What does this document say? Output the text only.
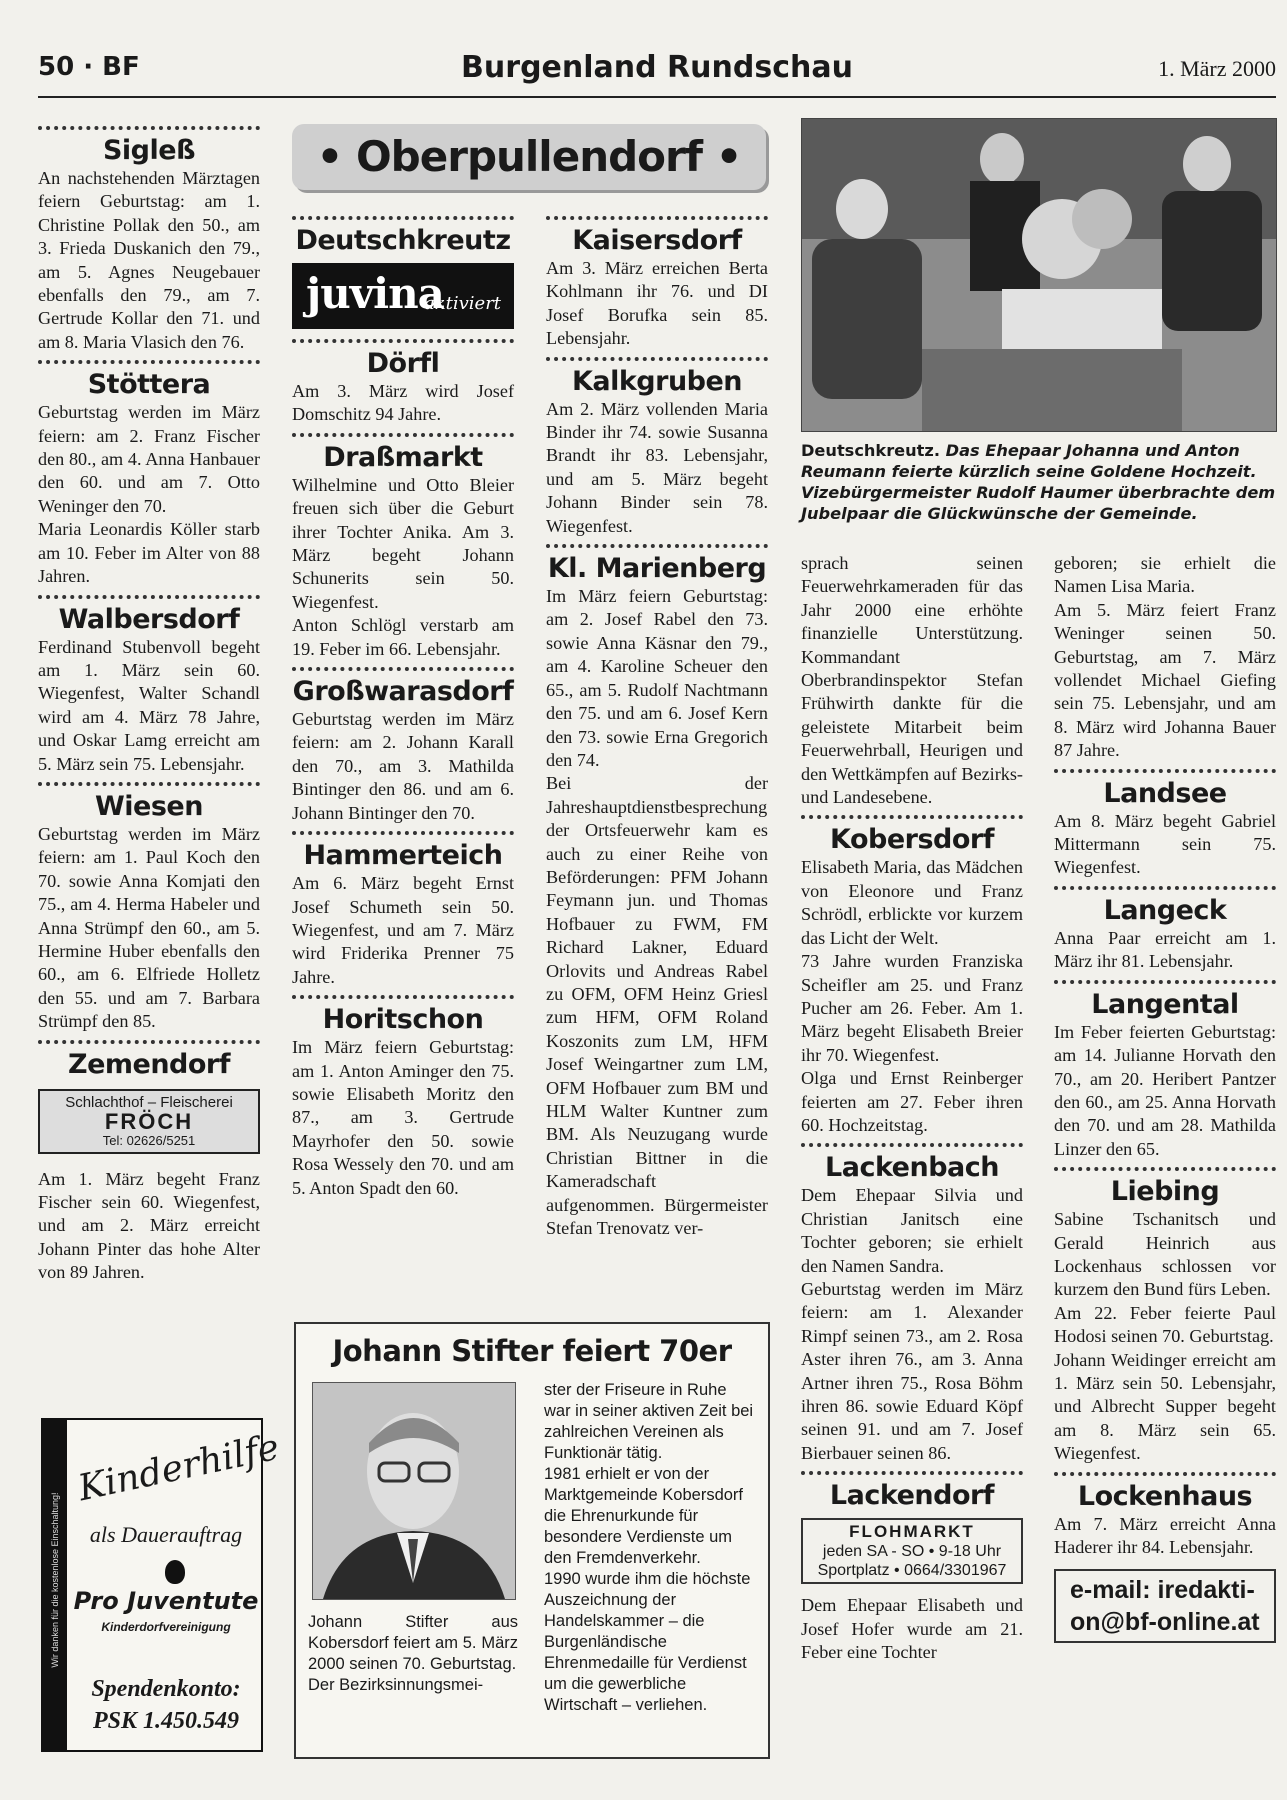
50 · BF	Burgenland Rundschau	1. März 2000
Sigleß

An nachstehenden Märztagen feiern Geburtstag: am 1. Christine Pollak den 50., am 3. Frieda Duskanich den 79., am 5. Agnes Neugebauer ebenfalls den 79., am 7. Gertrude Kollar den 71. und am 8. Maria Vlasich den 76.

Stöttera

Geburtstag werden im März feiern: am 2. Franz Fischer den 80., am 4. Anna Hanbauer den 60. und am 7. Otto Weninger den 70.

Maria Leonardis Köller starb am 10. Feber im Alter von 88 Jahren.

Walbersdorf

Ferdinand Stubenvoll begeht am 1. März sein 60. Wiegenfest, Walter Schandl wird am 4. März 78 Jahre, und Oskar Lamg erreicht am 5. März sein 75. Lebensjahr.

Wiesen

Geburtstag werden im März feiern: am 1. Paul Koch den 70. sowie Anna Komjati den 75., am 4. Herma Habeler und Anna Strümpf den 60., am 5. Hermine Huber ebenfalls den 60., am 6. Elfriede Holletz den 55. und am 7. Barbara Strümpf den 85.

Zemendorf
Schlachthof – Fleischerei
FRÖCH
Tel: 02626/5251

Am 1. März begeht Franz Fischer sein 60. Wiegenfest, und am 2. März erreicht Johann Pinter das hohe Alter von 89 Jahren.

Wir danken für die kostenlose Einschaltung!
Kinderhilfe
als Dauerauftrag
Pro Juventute
Kinderdorfvereinigung
Spendenkonto:
PSK 1.450.549
• Oberpullendorf •
Deutschkreutz
juvina
aktiviert
Dörfl

Am 3. März wird Josef Domschitz 94 Jahre.

Draßmarkt

Wilhelmine und Otto Bleier freuen sich über die Geburt ihrer Tochter Anika. Am 3. März begeht Johann Schunerits sein 50. Wiegenfest.

Anton Schlögl verstarb am 19. Feber im 66. Lebensjahr.

Großwarasdorf

Geburtstag werden im März feiern: am 2. Johann Karall den 70., am 3. Mathilda Bintinger den 86. und am 6. Johann Bintinger den 70.

Hammerteich

Am 6. März begeht Ernst Josef Schumeth sein 50. Wiegenfest, und am 7. März wird Friderika Prenner 75 Jahre.

Horitschon

Im März feiern Geburtstag: am 1. Anton Aminger den 75. sowie Elisabeth Moritz den 87., am 3. Gertrude Mayrhofer den 50. sowie Rosa Wessely den 70. und am 5. Anton Spadt den 60.

Kaisersdorf

Am 3. März erreichen Berta Kohlmann ihr 76. und DI Josef Borufka sein 85. Lebensjahr.

Kalkgruben

Am 2. März vollenden Maria Binder ihr 74. sowie Susanna Brandt ihr 83. Lebensjahr, und am 5. März begeht Johann Binder sein 78. Wiegenfest.

Kl. Marienberg

Im März feiern Geburtstag: am 2. Josef Rabel den 73. sowie Anna Käsnar den 79., am 4. Karoline Scheuer den 65., am 5. Rudolf Nachtmann den 75. und am 6. Josef Kern den 73. sowie Erna Gregorich den 74.

Bei der Jahreshauptdienstbesprechung der Ortsfeuerwehr kam es auch zu einer Reihe von Beförderungen: PFM Johann Feymann jun. und Thomas Hofbauer zu FWM, FM Richard Lakner, Eduard Orlovits und Andreas Rabel zu OFM, OFM Heinz Griesl zum HFM, OFM Roland Koszonits zum LM, HFM Josef Weingartner zum LM, OFM Hofbauer zum BM und HLM Walter Kuntner zum BM. Als Neuzugang wurde Christian Bittner in die Kameradschaft aufgenommen. Bürgermeister Stefan Trenovatz ver-

Deutschkreutz. Das Ehepaar Johanna und Anton Reumann feierte kürzlich seine Goldene Hochzeit. Vizebürgermeister Rudolf Haumer überbrachte dem Jubelpaar die Glückwünsche der Gemeinde.

sprach seinen Feuerwehrkameraden für das Jahr 2000 eine erhöhte finanzielle Unterstützung. Kommandant Oberbrandinspektor Stefan Frühwirth dankte für die geleistete Mitarbeit beim Feuerwehrball, Heurigen und den Wettkämpfen auf Bezirks- und Landesebene.

Kobersdorf

Elisabeth Maria, das Mädchen von Eleonore und Franz Schrödl, erblickte vor kurzem das Licht der Welt.

73 Jahre wurden Franziska Scheifler am 25. und Franz Pucher am 26. Feber. Am 1. März begeht Elisabeth Breier ihr 70. Wiegenfest.

Olga und Ernst Reinberger feierten am 27. Feber ihren 60. Hochzeitstag.

Lackenbach

Dem Ehepaar Silvia und Christian Janitsch eine Tochter geboren; sie erhielt den Namen Sandra.

Geburtstag werden im März feiern: am 1. Alexander Rimpf seinen 73., am 2. Rosa Aster ihren 76., am 3. Anna Artner ihren 75., Rosa Böhm ihren 86. sowie Eduard Köpf seinen 91. und am 7. Josef Bierbauer seinen 86.

Lackendorf
FLOHMARKT
jeden SA - SO • 9-18 Uhr
Sportplatz • 0664/3301967

Dem Ehepaar Elisabeth und Josef Hofer wurde am 21. Feber eine Tochter

geboren; sie erhielt die Namen Lisa Maria.

Am 5. März feiert Franz Weninger seinen 50. Geburtstag, am 7. März vollendet Michael Giefing sein 75. Lebensjahr, und am 8. März wird Johanna Bauer 87 Jahre.

Landsee

Am 8. März begeht Gabriel Mittermann sein 75. Wiegenfest.

Langeck

Anna Paar erreicht am 1. März ihr 81. Lebensjahr.

Langental

Im Feber feierten Geburtstag: am 14. Julianne Horvath den 70., am 20. Heribert Pantzer den 60., am 25. Anna Horvath den 70. und am 28. Mathilda Linzer den 65.

Liebing

Sabine Tschanitsch und Gerald Heinrich aus Lockenhaus schlossen vor kurzem den Bund fürs Leben.

Am 22. Feber feierte Paul Hodosi seinen 70. Geburtstag.

Johann Weidinger erreicht am 1. März sein 50. Lebensjahr, und Albrecht Supper begeht am 8. März sein 65. Wiegenfest.

Lockenhaus

Am 7. März erreicht Anna Haderer ihr 84. Lebensjahr.

e-mail: iredakti-
on@bf-online.at
Johann Stifter feiert 70er
Johann Stifter aus Kobersdorf feiert am 5. März 2000 seinen 70. Geburtstag.
Der Bezirksinnungsmei-
ster der Friseure in Ruhe war in seiner aktiven Zeit bei zahlreichen Vereinen als Funktionär tätig.
1981 erhielt er von der Marktgemeinde Kobersdorf die Ehrenurkunde für besondere Verdienste um den Fremdenverkehr.
1990 wurde ihm die höchste Auszeichnung der Handelskammer – die Burgenländische Ehrenmedaille für Verdienst um die gewerbliche Wirtschaft – verliehen.
